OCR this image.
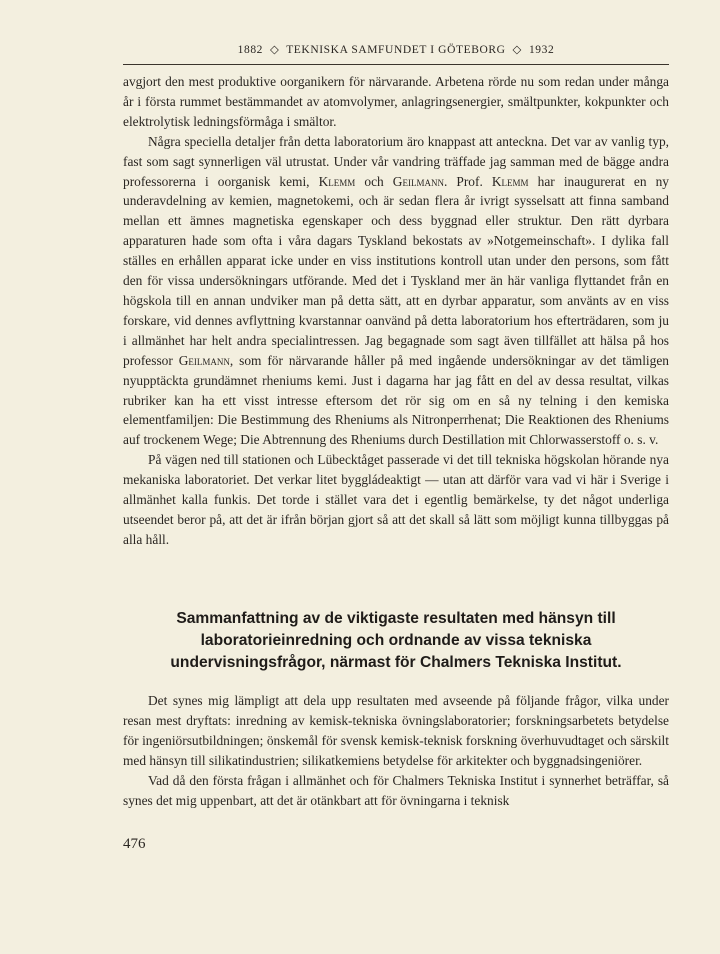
1882 ◇ TEKNISKA SAMFUNDET I GÖTEBORG ◇ 1932

avgjort den mest produktive oorganikern för närvarande. Arbetena rörde nu som redan under många år i första rummet bestämmandet av atomvolymer, anlagringsenergier, smältpunkter, kokpunkter och elektrolytisk ledningsförmåga i smältor.

Några speciella detaljer från detta laboratorium äro knappast att anteckna. Det var av vanlig typ, fast som sagt synnerligen väl utrustat. Under vår vandring träffade jag samman med de bägge andra professorerna i oorganisk kemi, Klemm och Geilmann. Prof. Klemm har inaugurerat en ny underavdelning av kemien, magnetokemi, och är sedan flera år ivrigt sysselsatt att finna samband mellan ett ämnes magnetiska egenskaper och dess byggnad eller struktur. Den rätt dyrbara apparaturen hade som ofta i våra dagars Tyskland bekostats av »Notgemeinschaft». I dylika fall ställes en erhållen apparat icke under en viss institutions kontroll utan under den persons, som fått den för vissa undersökningars utförande. Med det i Tyskland mer än här vanliga flyttandet från en högskola till en annan undviker man på detta sätt, att en dyrbar apparatur, som använts av en viss forskare, vid dennes avflyttning kvarstannar oanvänd på detta laboratorium hos efterträdaren, som ju i allmänhet har helt andra specialintressen. Jag begagnade som sagt även tillfället att hälsa på hos professor Geilmann, som för närvarande håller på med ingående undersökningar av det tämligen nyupptäckta grundämnet rheniums kemi. Just i dagarna har jag fått en del av dessa resultat, vilkas rubriker kan ha ett visst intresse eftersom det rör sig om en så ny telning i den kemiska elementfamiljen: Die Bestimmung des Rheniums als Nitronperrhenat; Die Reaktionen des Rheniums auf trockenem Wege; Die Abtrennung des Rheniums durch Destillation mit Chlorwasserstoff o. s. v.

På vägen ned till stationen och Lübecktåget passerade vi det till tekniska högskolan hörande nya mekaniska laboratoriet. Det verkar litet byggládeaktigt — utan att därför vara vad vi här i Sverige i allmänhet kalla funkis. Det torde i stället vara det i egentlig bemärkelse, ty det något underliga utseendet beror på, att det är ifrån början gjort så att det skall så lätt som möjligt kunna tillbyggas på alla håll.

Sammanfattning av de viktigaste resultaten med hänsyn till laboratorieinredning och ordnande av vissa tekniska undervisningsfrågor, närmast för Chalmers Tekniska Institut.

Det synes mig lämpligt att dela upp resultaten med avseende på följande frågor, vilka under resan mest dryftats: inredning av kemisk-tekniska övningslaboratorier; forskningsarbetets betydelse för ingeniörsutbildningen; önskemål för svensk kemisk-teknisk forskning överhuvudtaget och särskilt med hänsyn till silikatindustrien; silikatkemiens betydelse för arkitekter och byggnadsingeniörer.

Vad då den första frågan i allmänhet och för Chalmers Tekniska Institut i synnerhet beträffar, så synes det mig uppenbart, att det är otänkbart att för övningarna i teknisk

476
